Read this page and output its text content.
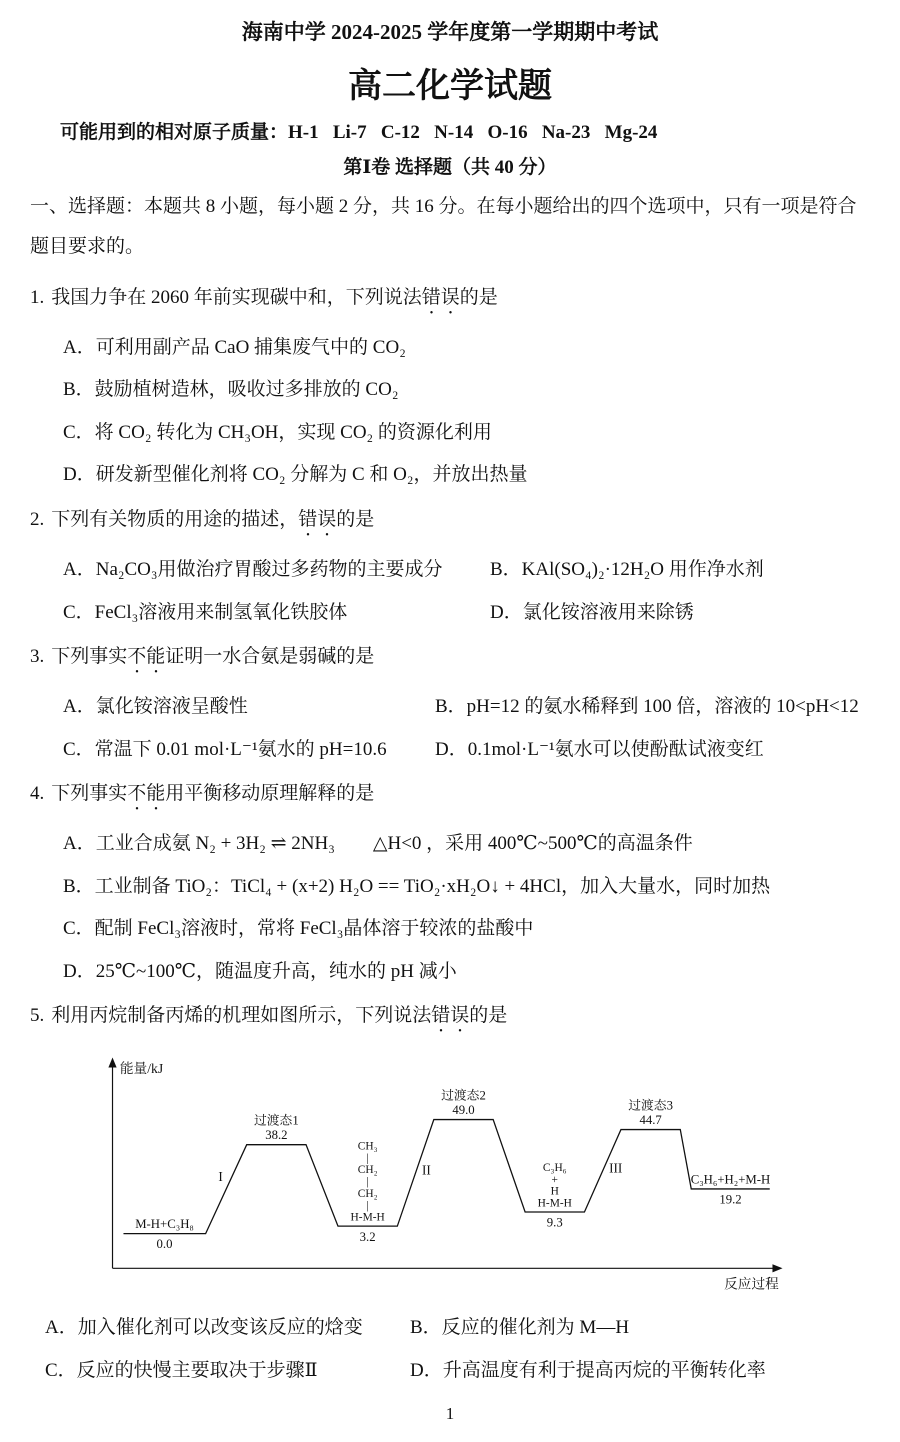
海南中学 2024-2025 学年度第一学期期中考试
高二化学试题
可能用到的相对原子质量：H-1   Li-7   C-12   N-14   O-16   Na-23   Mg-24
第Ⅰ卷 选择题（共 40 分）
一、选择题：本题共 8 小题，每小题 2 分，共 16 分。在每小题给出的四个选项中，只有一项是符合题目要求的。
1. 我国力争在 2060 年前实现碳中和，下列说法错误的是
A．可利用副产品 CaO 捕集废气中的 CO₂
B．鼓励植树造林，吸收过多排放的 CO₂
C．将 CO₂ 转化为 CH₃OH，实现 CO₂ 的资源化利用
D．研发新型催化剂将 CO₂ 分解为 C 和 O₂，并放出热量
2. 下列有关物质的用途的描述，错误的是
A．Na₂CO₃用做治疗胃酸过多药物的主要成分	B．KAl(SO₄)₂·12H₂O 用作净水剂
C．FeCl₃溶液用来制氢氧化铁胶体	D．氯化铵溶液用来除锈
3. 下列事实不能证明一水合氨是弱碱的是
A．氯化铵溶液呈酸性	B．pH=12 的氨水稀释到 100 倍，溶液的 10<pH<12
C．常温下 0.01 mol·L⁻¹氨水的 pH=10.6	D．0.1mol·L⁻¹氨水可以使酚酞试液变红
4. 下列事实不能用平衡移动原理解释的是
A．工业合成氨 N₂ + 3H₂ ⇌ 2NH₃　　△H<0 ，采用 400℃~500℃的高温条件
B．工业制备 TiO₂：TiCl₄ + (x+2) H₂O == TiO₂·xH₂O↓ + 4HCl，加入大量水，同时加热
C．配制 FeCl₃溶液时，常将 FeCl₃晶体溶于较浓的盐酸中
D．25℃~100℃，随温度升高，纯水的 pH 减小
5. 利用丙烷制备丙烯的机理如图所示，下列说法错误的是
能量/kJ
反应过程
M-H+C₃H₈
0.0
38.2
过渡态1
H-M-H
|
CH₂
|
CH₂
|
CH₃
3.2
49.0
过渡态2
H-M-H
H
+
C₃H₆
9.3
44.7
过渡态3
C₃H₆+H₂+M-H
19.2
I	II	III
A．加入催化剂可以改变该反应的焓变	B．反应的催化剂为 M—H
C．反应的快慢主要取决于步骤Ⅱ	D．升高温度有利于提高丙烷的平衡转化率
1
